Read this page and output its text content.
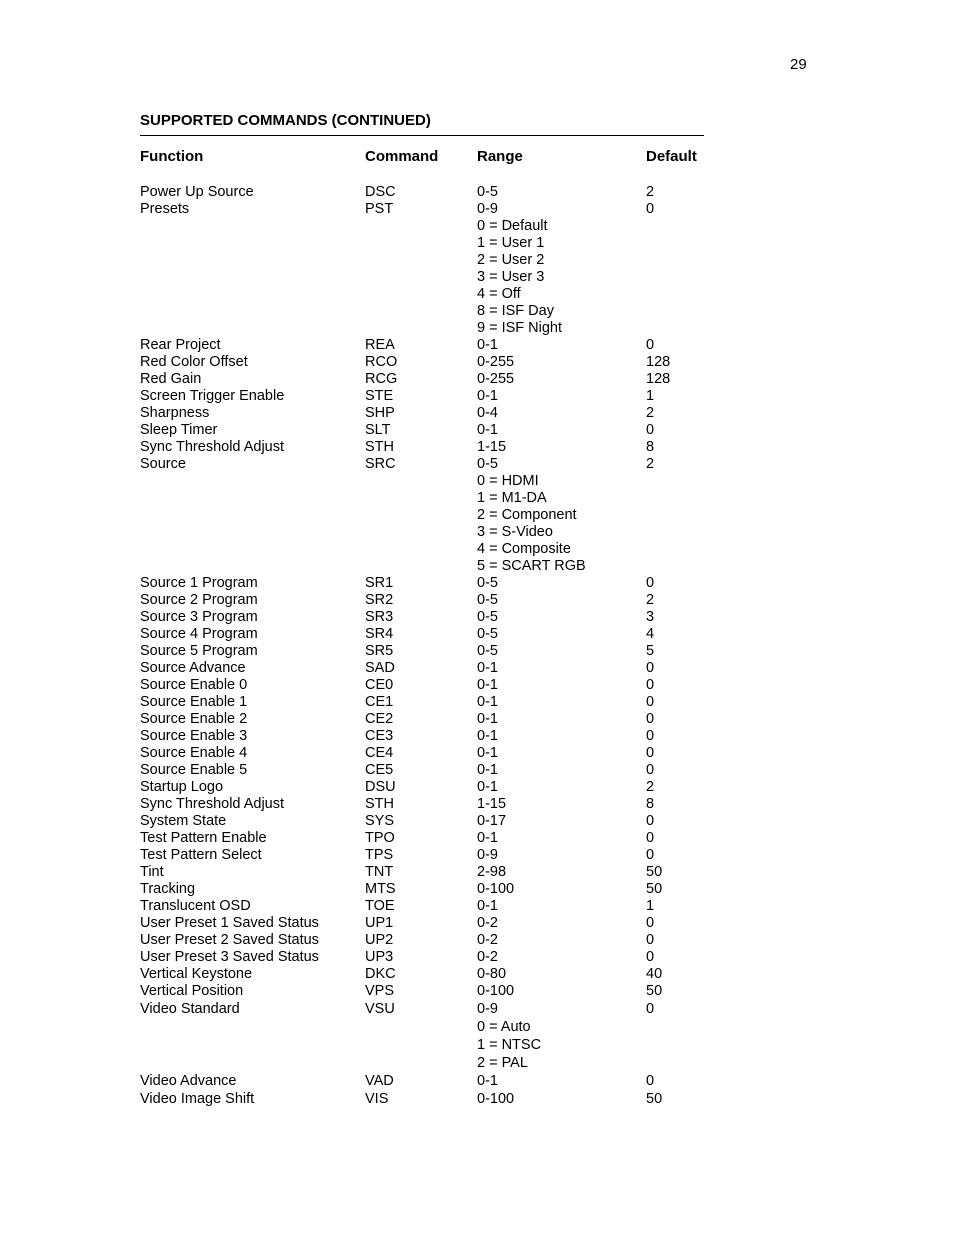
29
SUPPORTED COMMANDS (CONTINUED)
Function	Command	Range	Default
Power Up Source	DSC	0-5	2
Presets	PST	0-9	0
0 = Default
1 = User 1
2 = User 2
3 = User 3
4 = Off
8 = ISF Day
9 = ISF Night
Rear Project	REA	0-1	0
Red Color Offset	RCO	0-255	128
Red Gain	RCG	0-255	128
Screen Trigger Enable	STE	0-1	1
Sharpness	SHP	0-4	2
Sleep Timer	SLT	0-1	0
Sync Threshold Adjust	STH	1-15	8
Source	SRC	0-5	2
0 = HDMI
1 = M1-DA
2 = Component
3 = S-Video
4 = Composite
5 = SCART RGB
Source 1 Program	SR1	0-5	0
Source 2 Program	SR2	0-5	2
Source 3 Program	SR3	0-5	3
Source 4 Program	SR4	0-5	4
Source 5 Program	SR5	0-5	5
Source Advance	SAD	0-1	0
Source Enable 0	CE0	0-1	0
Source Enable 1	CE1	0-1	0
Source Enable 2	CE2	0-1	0
Source Enable 3	CE3	0-1	0
Source Enable 4	CE4	0-1	0
Source Enable 5	CE5	0-1	0
Startup Logo	DSU	0-1	2
Sync Threshold Adjust	STH	1-15	8
System State	SYS	0-17	0
Test Pattern Enable	TPO	0-1	0
Test Pattern Select	TPS	0-9	0
Tint	TNT	2-98	50
Tracking	MTS	0-100	50
Translucent OSD	TOE	0-1	1
User Preset 1 Saved Status	UP1	0-2	0
User Preset 2 Saved Status	UP2	0-2	0
User Preset 3 Saved Status	UP3	0-2	0
Vertical Keystone	DKC	0-80	40
Vertical Position	VPS	0-100	50
Video Standard	VSU	0-9	0
0 = Auto
1 = NTSC
2 = PAL
Video Advance	VAD	0-1	0
Video Image Shift	VIS	0-100	50
